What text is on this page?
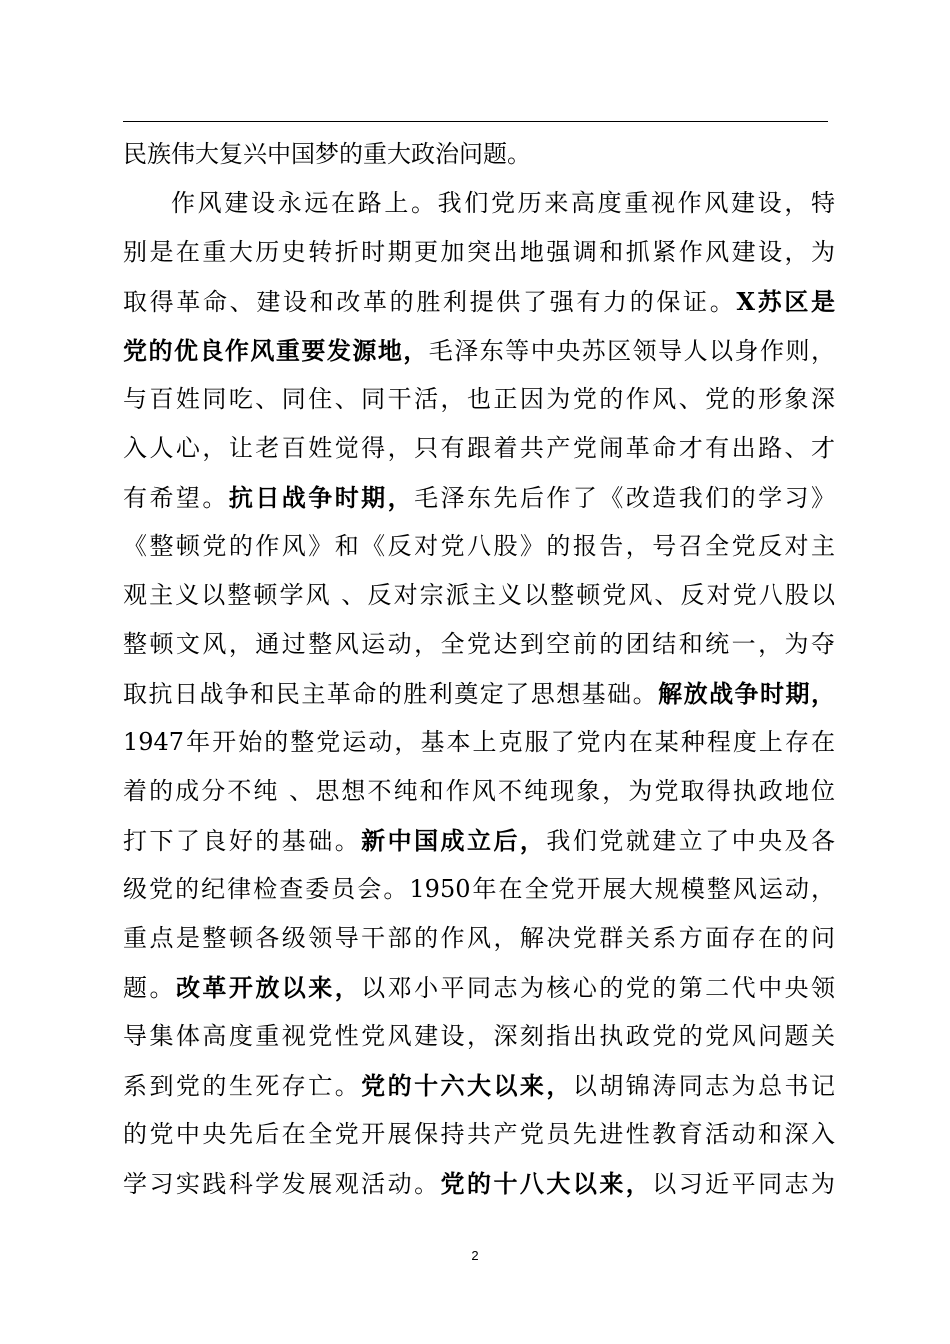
民族伟大复兴中国梦的重大政治问题。
作风建设永远在路上。我们党历来高度重视作风建设，特
别是在重大历史转折时期更加突出地强调和抓紧作风建设，为
取得革命、建设和改革的胜利提供了强有力的保证。X苏区是
党的优良作风重要发源地，毛泽东等中央苏区领导人以身作则，
与百姓同吃、同住、同干活，也正因为党的作风、党的形象深
入人心，让老百姓觉得，只有跟着共产党闹革命才有出路、才
有希望。抗日战争时期，毛泽东先后作了《改造我们的学习》
《整顿党的作风》和《反对党八股》的报告，号召全党反对主
观主义以整顿学风 、反对宗派主义以整顿党风、反对党八股以
整顿文风，通过整风运动，全党达到空前的团结和统一，为夺
取抗日战争和民主革命的胜利奠定了思想基础。解放战争时期，
1947年开始的整党运动，基本上克服了党内在某种程度上存在
着的成分不纯 、思想不纯和作风不纯现象，为党取得执政地位
打下了良好的基础。新中国成立后，我们党就建立了中央及各
级党的纪律检查委员会。1950年在全党开展大规模整风运动，
重点是整顿各级领导干部的作风，解决党群关系方面存在的问
题。改革开放以来，以邓小平同志为核心的党的第二代中央领
导集体高度重视党性党风建设，深刻指出执政党的党风问题关
系到党的生死存亡。党的十六大以来，以胡锦涛同志为总书记
的党中央先后在全党开展保持共产党员先进性教育活动和深入
学习实践科学发展观活动。党的十八大以来，以习近平同志为
2
